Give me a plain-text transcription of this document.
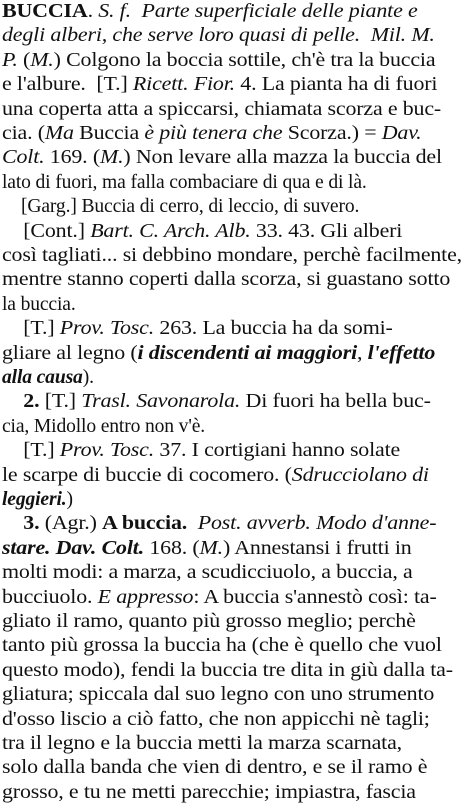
BUCCIA. S. f.  Parte superficiale delle piante e
degli alberi, che serve loro quasi di pelle.  Mil. M.
P. (M.) Colgono la boccia sottile, ch'è tra la buccia
e l'albure.  [T.] Ricett. Fior. 4. La pianta ha di fuori
una coperta atta a spiccarsi, chiamata scorza e buc-
cia. (Ma Buccia è più tenera che Scorza.) = Dav.
Colt. 169. (M.) Non levare alla mazza la buccia del
lato di fuori, ma falla combaciare di qua e di là.
[Garg.] Buccia di cerro, di leccio, di suvero.
[Cont.] Bart. C. Arch. Alb. 33. 43. Gli alberi
così tagliati... si debbino mondare, perchè facilmente,
mentre stanno coperti dalla scorza, si guastano sotto
la buccia.
[T.] Prov. Tosc. 263. La buccia ha da somi-
gliare al legno (i discendenti ai maggiori, l'effetto
alla causa).
2. [T.] Trasl. Savonarola. Di fuori ha bella buc-
cia, Midollo entro non v'è.
[T.] Prov. Tosc. 37. I cortigiani hanno solate
le scarpe di buccie di cocomero. (Sdrucciolano di
leggieri.)
3. (Agr.) A buccia. Post. avverb. Modo d'anne-
stare. Dav. Colt. 168. (M.) Annestansi i frutti in
molti modi: a marza, a scudicciuolo, a buccia, a
bucciuolo. E appresso: A buccia s'annestò così: ta-
gliato il ramo, quanto più grosso meglio; perchè
tanto più grossa la buccia ha (che è quello che vuol
questo modo), fendi la buccia tre dita in giù dalla ta-
gliatura; spiccala dal suo legno con uno strumento
d'osso liscio a ciò fatto, che non appicchi nè tagli;
tra il legno e la buccia metti la marza scarnata,
solo dalla banda che vien di dentro, e se il ramo è
grosso, e tu ne metti parecchie; impiastra, fascia
